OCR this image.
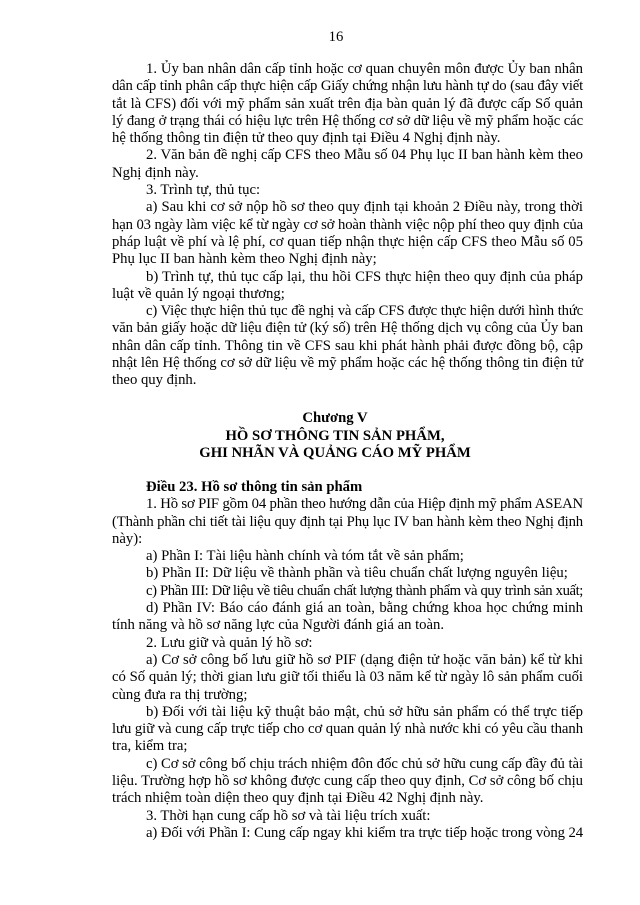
16
1. Ủy ban nhân dân cấp tỉnh hoặc cơ quan chuyên môn được Ủy ban nhân
dân cấp tỉnh phân cấp thực hiện cấp Giấy chứng nhận lưu hành tự do (sau đây viết
tắt là CFS) đối với mỹ phẩm sản xuất trên địa bàn quản lý đã được cấp Số quản
lý đang ở trạng thái có hiệu lực trên Hệ thống cơ sở dữ liệu về mỹ phẩm hoặc các
hệ thống thông tin điện tử theo quy định tại Điều 4 Nghị định này.
2. Văn bản đề nghị cấp CFS theo Mẫu số 04 Phụ lục II ban hành kèm theo
Nghị định này.
3. Trình tự, thủ tục:
a) Sau khi cơ sở nộp hồ sơ theo quy định tại khoản 2 Điều này, trong thời
hạn 03 ngày làm việc kể từ ngày cơ sở hoàn thành việc nộp phí theo quy định của
pháp luật về phí và lệ phí, cơ quan tiếp nhận thực hiện cấp CFS theo Mẫu số 05
Phụ lục II ban hành kèm theo Nghị định này;
b) Trình tự, thủ tục cấp lại, thu hồi CFS thực hiện theo quy định của pháp
luật về quản lý ngoại thương;
c) Việc thực hiện thủ tục đề nghị và cấp CFS được thực hiện dưới hình thức
văn bản giấy hoặc dữ liệu điện tử (ký số) trên Hệ thống dịch vụ công của Ủy ban
nhân dân cấp tỉnh. Thông tin về CFS sau khi phát hành phải được đồng bộ, cập
nhật lên Hệ thống cơ sở dữ liệu về mỹ phẩm hoặc các hệ thống thông tin điện tử
theo quy định.
Chương V
HỒ SƠ THÔNG TIN SẢN PHẨM,
GHI NHÃN VÀ QUẢNG CÁO MỸ PHẨM
Điều 23. Hồ sơ thông tin sản phẩm
1. Hồ sơ PIF gồm 04 phần theo hướng dẫn của Hiệp định mỹ phẩm ASEAN
(Thành phần chi tiết tài liệu quy định tại Phụ lục IV ban hành kèm theo Nghị định
này):
a) Phần I: Tài liệu hành chính và tóm tắt về sản phẩm;
b) Phần II: Dữ liệu về thành phần và tiêu chuẩn chất lượng nguyên liệu;
c) Phần III: Dữ liệu về tiêu chuẩn chất lượng thành phẩm và quy trình sản xuất;
d) Phần IV: Báo cáo đánh giá an toàn, bằng chứng khoa học chứng minh
tính năng và hồ sơ năng lực của Người đánh giá an toàn.
2. Lưu giữ và quản lý hồ sơ:
a) Cơ sở công bố lưu giữ hồ sơ PIF (dạng điện tử hoặc văn bản) kể từ khi
có Số quản lý; thời gian lưu giữ tối thiểu là 03 năm kể từ ngày lô sản phẩm cuối
cùng đưa ra thị trường;
b) Đối với tài liệu kỹ thuật bảo mật, chủ sở hữu sản phẩm có thể trực tiếp
lưu giữ và cung cấp trực tiếp cho cơ quan quản lý nhà nước khi có yêu cầu thanh
tra, kiểm tra;
c) Cơ sở công bố chịu trách nhiệm đôn đốc chủ sở hữu cung cấp đầy đủ tài
liệu. Trường hợp hồ sơ không được cung cấp theo quy định, Cơ sở công bố chịu
trách nhiệm toàn diện theo quy định tại Điều 42 Nghị định này.
3. Thời hạn cung cấp hồ sơ và tài liệu trích xuất:
a) Đối với Phần I: Cung cấp ngay khi kiểm tra trực tiếp hoặc trong vòng 24
